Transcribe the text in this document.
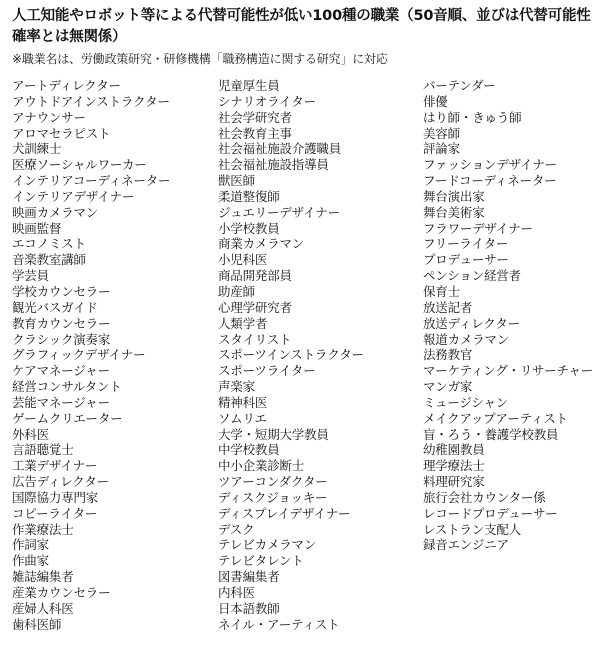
人工知能やロボット等による代替可能性が低い100種の職業（50音順、並びは代替可能性確率とは無関係）

※職業名は、労働政策研究・研修機構「職務構造に関する研究」に対応
アートディレクター
アウトドアインストラクター
アナウンサー
アロマセラピスト
犬訓練士
医療ソーシャルワーカー
インテリアコーディネーター
インテリアデザイナー
映画カメラマン
映画監督
エコノミスト
音楽教室講師
学芸員
学校カウンセラー
観光バスガイド
教育カウンセラー
クラシック演奏家
グラフィックデザイナー
ケアマネージャー
経営コンサルタント
芸能マネージャー
ゲームクリエーター
外科医
言語聴覚士
工業デザイナー
広告ディレクター
国際協力専門家
コピーライター
作業療法士
作詞家
作曲家
雑誌編集者
産業カウンセラー
産婦人科医
歯科医師
児童厚生員
シナリオライター
社会学研究者
社会教育主事
社会福祉施設介護職員
社会福祉施設指導員
獣医師
柔道整復師
ジュエリーデザイナー
小学校教員
商業カメラマン
小児科医
商品開発部員
助産師
心理学研究者
人類学者
スタイリスト
スポーツインストラクター
スポーツライター
声楽家
精神科医
ソムリエ
大学・短期大学教員
中学校教員
中小企業診断士
ツアーコンダクター
ディスクジョッキー
ディスプレイデザイナー
デスク
テレビカメラマン
テレビタレント
図書編集者
内科医
日本語教師
ネイル・アーティスト
バーテンダー
俳優
はり師・きゅう師
美容師
評論家
ファッションデザイナー
フードコーディネーター
舞台演出家
舞台美術家
フラワーデザイナー
フリーライター
プロデューサー
ペンション経営者
保育士
放送記者
放送ディレクター
報道カメラマン
法務教官
マーケティング・リサーチャー
マンガ家
ミュージシャン
メイクアップアーティスト
盲・ろう・養護学校教員
幼稚園教員
理学療法士
料理研究家
旅行会社カウンター係
レコードプロデューサー
レストラン支配人
録音エンジニア
